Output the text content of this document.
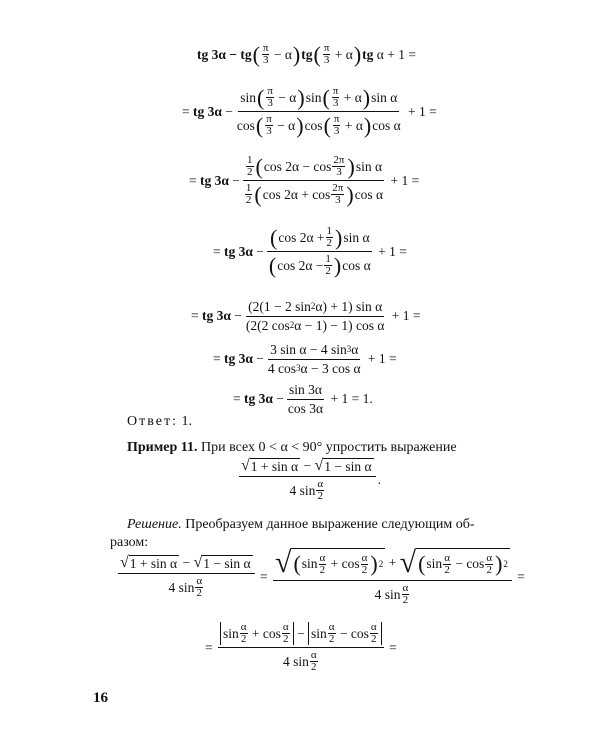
tg 3α − tg ( π
3 − α ) tg ( π
3 + α ) tg α + 1 =
= tg 3α − sin ( π
3 − α ) sin ( π
3 + α ) sin α
cos ( π
3 − α ) cos ( π
3 + α ) cos α + 1 =
= tg 3α − 1
2 ( cos 2α − cos 2π
3 ) sin α
1
2 ( cos 2α + cos 2π
3 ) cos α + 1 =
= tg 3α − ( cos 2α + 1
2 ) sin α
( cos 2α − 1
2 ) cos α + 1 =
= tg $3\alpha - \frac{\text{(2(1 − 2 sin 2 α) + 1) sin α}}{\text{(2(2 cos 2 α − 1) − 1) cos α}} + 1$ =
= tg $3\alpha - \frac{\text{3 sin α − 4 sin 3 α}}{\text{4 cos 3 α − 3 cos α}} + 1$ =
= tg $3\alpha - \frac{\sin 3\alpha}{\cos 3\alpha} + 1 = 1$.
Ответ: 1.
Пример 11. При всех 0 < α < 90° упростить выражение
√ 1 + sin α − √ 1 − sin α
4 sin α
2 .
Решение. Преобразуем данное выражение следующим об-
разом:
√ 1 + sin α − √ 1 − sin α
4 sin α
2 = √ ( sin α
2 + cos α
2 ) 2 + √ ( sin α
2 − cos α
2 ) 2
4 sin α
2 =
= sin α
2 + cos α
2 − sin α
2 − cos α
2
4 sin α
2 =
16
